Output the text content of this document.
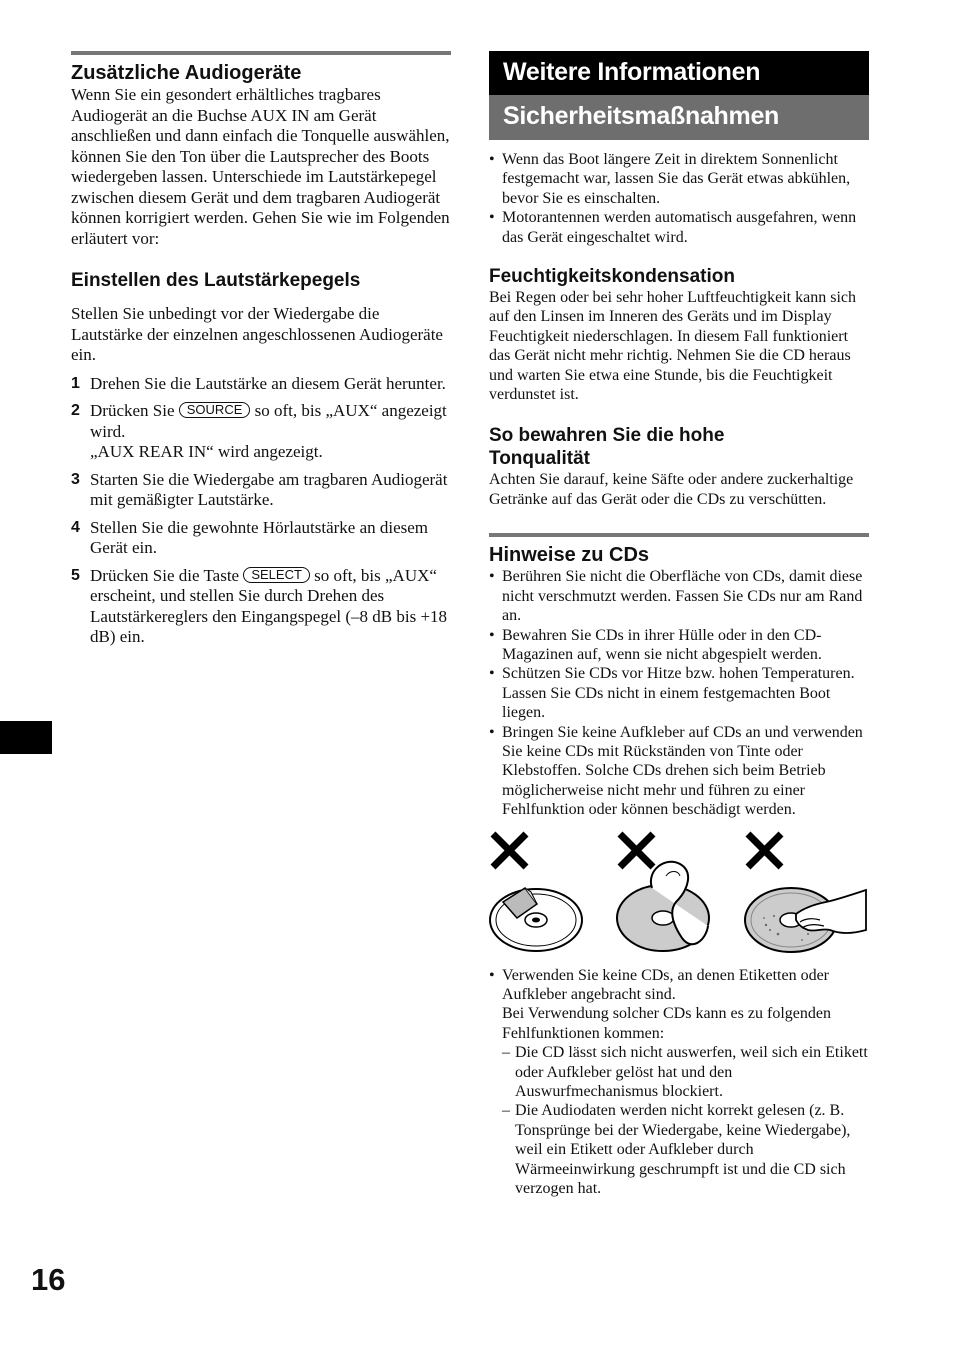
Zusätzliche Audiogeräte

Wenn Sie ein gesondert erhältliches tragbares Audiogerät an die Buchse AUX IN am Gerät anschließen und dann einfach die Tonquelle auswählen, können Sie den Ton über die Lautsprecher des Boots wiedergeben lassen. Unterschiede im Lautstärkepegel zwischen diesem Gerät und dem tragbaren Audiogerät können korrigiert werden. Gehen Sie wie im Folgenden erläutert vor:

Einstellen des Lautstärkepegels

Stellen Sie unbedingt vor der Wiedergabe die Lautstärke der einzelnen angeschlossenen Audiogeräte ein.

1 Drehen Sie die Lautstärke an diesem Gerät herunter.
2 Drücken Sie SOURCE so oft, bis „AUX“ angezeigt wird.
„AUX REAR IN“ wird angezeigt.
3 Starten Sie die Wiedergabe am tragbaren Audiogerät mit gemäßigter Lautstärke.
4 Stellen Sie die gewohnte Hörlautstärke an diesem Gerät ein.
5 Drücken Sie die Taste SELECT so oft, bis „AUX“ erscheint, und stellen Sie durch Drehen des Lautstärkereglers den Eingangspegel (–8 dB bis +18 dB) ein.
Weitere Informationen
Sicherheitsmaßnahmen
• Wenn das Boot längere Zeit in direktem Sonnenlicht festgemacht war, lassen Sie das Gerät etwas abkühlen, bevor Sie es einschalten.
• Motorantennen werden automatisch ausgefahren, wenn das Gerät eingeschaltet wird.
Feuchtigkeitskondensation

Bei Regen oder bei sehr hoher Luftfeuchtigkeit kann sich auf den Linsen im Inneren des Geräts und im Display Feuchtigkeit niederschlagen. In diesem Fall funktioniert das Gerät nicht mehr richtig. Nehmen Sie die CD heraus und warten Sie etwa eine Stunde, bis die Feuchtigkeit verdunstet ist.

So bewahren Sie die hohe
Tonqualität

Achten Sie darauf, keine Säfte oder andere zuckerhaltige Getränke auf das Gerät oder die CDs zu verschütten.

Hinweise zu CDs
• Berühren Sie nicht die Oberfläche von CDs, damit diese nicht verschmutzt werden. Fassen Sie CDs nur am Rand an.
• Bewahren Sie CDs in ihrer Hülle oder in den CD-Magazinen auf, wenn sie nicht abgespielt werden.
• Schützen Sie CDs vor Hitze bzw. hohen Temperaturen. Lassen Sie CDs nicht in einem festgemachten Boot liegen.
• Bringen Sie keine Aufkleber auf CDs an und verwenden Sie keine CDs mit Rückständen von Tinte oder Klebstoffen. Solche CDs drehen sich beim Betrieb möglicherweise nicht mehr und führen zu einer Fehlfunktion oder können beschädigt werden.
• Verwenden Sie keine CDs, an denen Etiketten oder Aufkleber angebracht sind.
Bei Verwendung solcher CDs kann es zu folgenden Fehlfunktionen kommen:
– Die CD lässt sich nicht auswerfen, weil sich ein Etikett oder Aufkleber gelöst hat und den Auswurfmechanismus blockiert.
– Die Audiodaten werden nicht korrekt gelesen (z. B. Tonsprünge bei der Wiedergabe, keine Wiedergabe), weil ein Etikett oder Aufkleber durch Wärmeeinwirkung geschrumpft ist und die CD sich verzogen hat.
16
